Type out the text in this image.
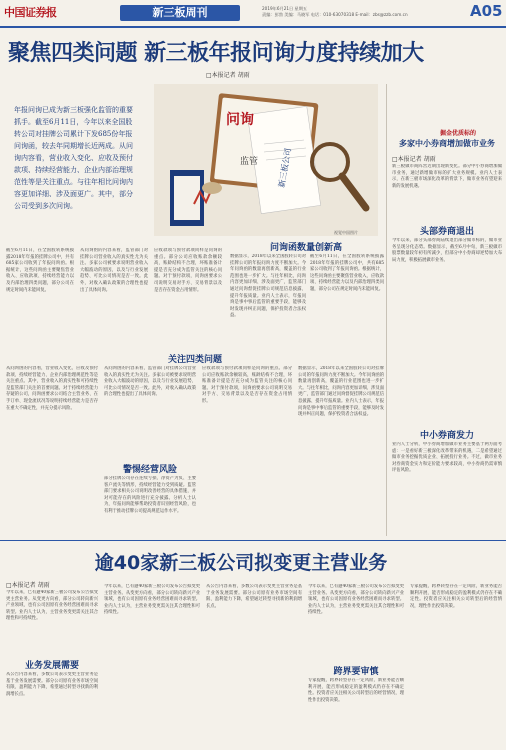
中国证券报	新三板周刊	2019年6月21日 星期五
责编：彭勃 美编：马晓军 电话：010-63070318 E-mail：zbs@zzb.com.cn	A05
聚焦四类问题 新三板年报问询力度持续加大
□本报记者 胡雨
年报问询已成为新三板强化监管的重要抓手。截至6月11日，今年以来全国股转公司对挂牌公司累计下发685份年报问询函，较去年同期增长近两成。从问询内容看，营业收入变化、应收及预付款项、持续经营能力、企业内部治理规范性等是关注重点。与往年相比问询内容更加详细、涉及面更广。其中，部分公司受到多次问询。
问询
监管 新三板公司
视觉中国图片
截至6月11日，在全国股转系统披露2018年年报的挂牌公司中，共有685家公司收到了年报问询函。根据统计，这些问询函主要聚焦营业收入、应收款项、持续经营能力以及内部治理四类问题，部分公司在规定时间内未能回复。
从问询函的内容来看，监管部门对挂牌公司营业收入的真实性尤为关注。多家公司被要求说明营业收入大幅波动的原因，以及与行业发展趋势、可比公司情况是否一致。此外，对收入确认政策的合理性也提出了具体问询。
应收款项与预付款项同样是问询的重点。部分公司应收账款余额较高，账龄结构不合理，坏账准备计提是否充分成为监管关注的核心问题。对于预付款项，问询函要求公司说明交易对手方、交易背景以及是否存在资金占用情形。
问询函数量创新高
数据显示，2018年以来全国股转公司对挂牌公司的年报问询力度不断加大。今年问询函的数量再创新高，覆盖的行业范围也进一步扩大。与往年相比，问询内容更加详细、涉及面更广，监管部门通过问询督促挂牌公司规范信息披露、提升年报质量。业内人士表示，年报问询是事中事后监管的重要手段，能够及时发现并纠正问题，保护投资者合法权益。
截至6月11日，在全国股转系统披露2018年年报的挂牌公司中，共有685家公司收到了年报问询函。根据统计，这些问询函主要聚焦营业收入、应收款项、持续经营能力以及内部治理四类问题，部分公司在规定时间内未能回复。
关注四类问题
从问询函的内容看，营业收入变化、应收及预付款项、持续经营能力、企业内部治理规范性等是关注重点。其中，营业收入的真实性和可持续性是监管部门关注的首要问题。对于持续经营能力存疑的公司，问询函要求公司结合主营业务、在手订单、现金流状况等说明持续经营能力是否存在重大不确定性，并充分提示风险。
从问询函的内容来看，监管部门对挂牌公司营业收入的真实性尤为关注。多家公司被要求说明营业收入大幅波动的原因，以及与行业发展趋势、可比公司情况是否一致。此外，对收入确认政策的合理性也提出了具体问询。
应收款项与预付款项同样是问询的重点。部分公司应收账款余额较高，账龄结构不合理，坏账准备计提是否充分成为监管关注的核心问题。对于预付款项，问询函要求公司说明交易对手方、交易背景以及是否存在资金占用情形。
数据显示，2018年以来全国股转公司对挂牌公司的年报问询力度不断加大。今年问询函的数量再创新高，覆盖的行业范围也进一步扩大。与往年相比，问询内容更加详细、涉及面更广，监管部门通过问询督促挂牌公司规范信息披露、提升年报质量。业内人士表示，年报问询是事中事后监管的重要手段，能够及时发现并纠正问题，保护投资者合法权益。
警惕经营风险
部分挂牌公司存在连续亏损、净资产为负、主要客户流失等情形，持续经营能力受到质疑。监管部门要求相关公司说明改善经营的具体措施，并对可能存在的风险进行充分披露。分析人士认为，年报问询能够帮助投资者识别经营风险，也有利于推动挂牌公司提高规范运作水平。
掘金优质标的
多家中小券商增加做市业务
□本报记者 胡雨
新三板做市商阵营近期出现新变化。部分中小券商增加做市业务，通过新增做市标的扩大业务规模。业内人士表示，在新三板市场深化改革的背景下，做市业务有望迎来新的发展机遇。
头部券商退出
今年以来，部分头部券商陆续退出部分做市标的，做市业务呈现分化态势。数据显示，截至6月中旬，新三板做市股票数量较年初有所减少，但部分中小券商却逆势加大布局力度，积极拓展做市业务。
中小券商发力
业内人士分析，中小券商增加做市业务主要基于两方面考虑：一是看好新三板深化改革带来的机遇，二是希望通过做市业务挖掘优质企业、拓展投行业务。不过，做市业务对券商资金实力和定价能力要求较高，中小券商仍需审慎评估风险。
逾40家新三板公司拟变更主营业务
□本报记者 胡雨
今年以来，已有逾40家新三板公司发布公告拟变更主营业务。从变更方向看，部分公司转向新兴产业领域，也有公司因原有业务经营困难而寻求转型。业内人士认为，主营业务变更需关注其合理性和可持续性。
业务发展需要
从公告内容来看，多数公司表示变更主营业务是基于业务发展需要。部分公司原有业务市场空间有限、盈利能力下降，希望通过转型寻找新的利润增长点。
今年以来，已有逾40家新三板公司发布公告拟变更主营业务。从变更方向看，部分公司转向新兴产业领域，也有公司因原有业务经营困难而寻求转型。业内人士认为，主营业务变更需关注其合理性和可持续性。
从公告内容来看，多数公司表示变更主营业务是基于业务发展需要。部分公司原有业务市场空间有限、盈利能力下降，希望通过转型寻找新的利润增长点。
跨界要审慎
今年以来，已有逾40家新三板公司发布公告拟变更主营业务。从变更方向看，部分公司转向新兴产业领域，也有公司因原有业务经营困难而寻求转型。业内人士认为，主营业务变更需关注其合理性和可持续性。
专家提醒，跨界转型存在一定风险，新业务能否顺利开展、能否形成稳定的盈利模式仍存在不确定性。投资者应关注相关公司转型后的经营情况，理性作出投资决策。
专家提醒，跨界转型存在一定风险，新业务能否顺利开展、能否形成稳定的盈利模式仍存在不确定性。投资者应关注相关公司转型后的经营情况，理性作出投资决策。
